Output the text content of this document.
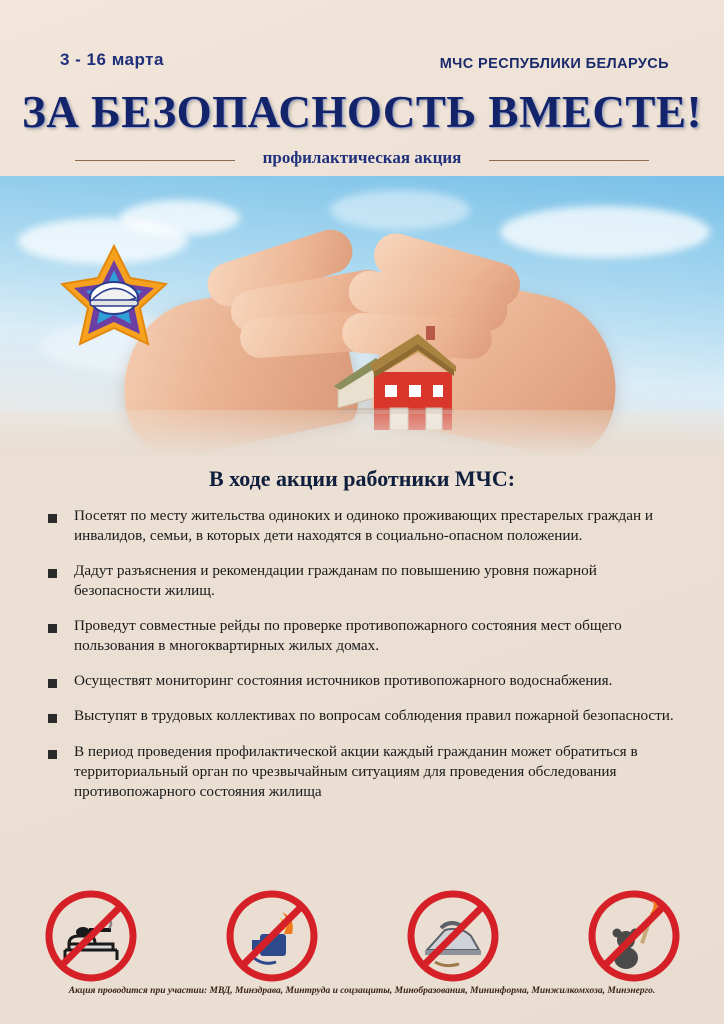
3 - 16 марта	МЧС РЕСПУБЛИКИ БЕЛАРУСЬ
ЗА БЕЗОПАСНОСТЬ ВМЕСТЕ!
профилактическая акция
В ходе акции работники МЧС:
Посетят по месту жительства одиноких и одиноко проживающих престарелых граждан и инвалидов, семьи, в которых дети находятся в социально-опасном положении.
Дадут разъяснения и рекомендации гражданам по повышению уровня пожарной безопасности жилищ.
Проведут совместные рейды по проверке противопожарного состояния мест общего пользования в многоквартирных жилых домах.
Осуществят мониторинг состояния источников противопожарного водоснабжения.
Выступят в трудовых коллективах по вопросам соблюдения правил пожарной безопасности.
В период проведения профилактической акции каждый гражданин может обратиться в территориальный орган по чрезвычайным ситуациям для проведения обследования противопожарного состояния жилища
Акция проводится при участии: МВД, Минздрава, Минтруда и соцзащиты, Минобразования, Мининформа, Минжилкомхоза, Минэнерго.
